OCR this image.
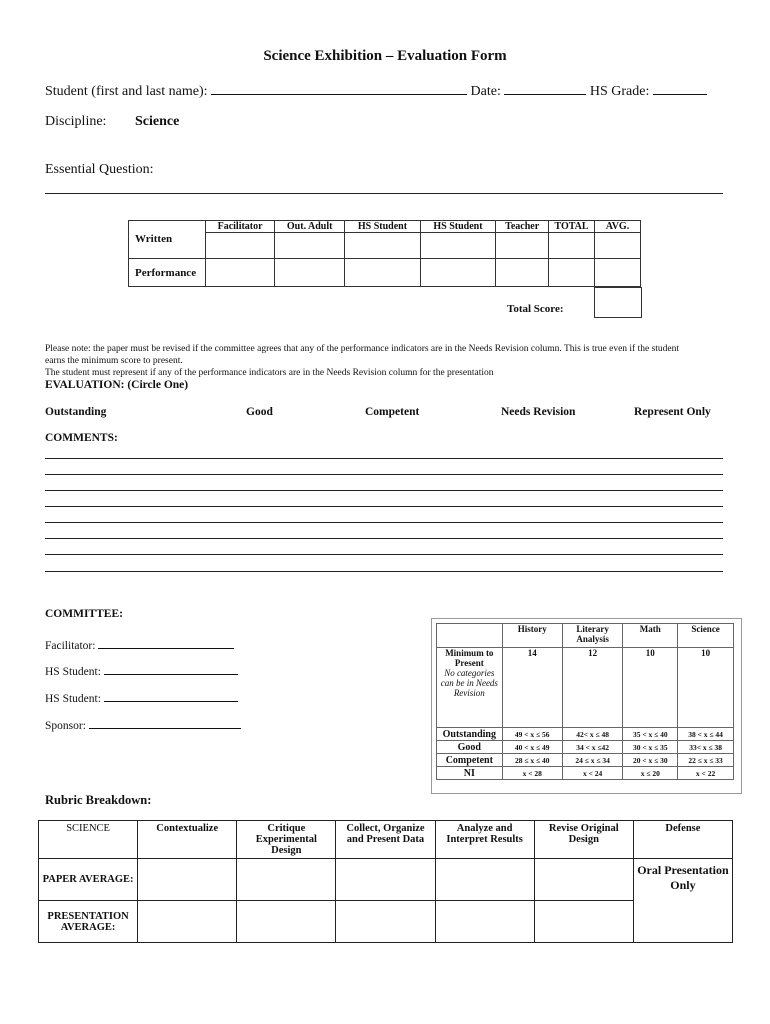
Science Exhibition – Evaluation Form
Student (first and last name):	Date:	HS Grade:
Discipline: Science
Essential Question:
	Facilitator	Out. Adult	HS Student	HS Student	Teacher	TOTAL	AVG.
Written							
Performance							
Total Score:
Please note: the paper must be revised if the committee agrees that any of the performance indicators are in the Needs Revision column. This is true even if the student
earns the minimum score to present.
The student must represent if any of the performance indicators are in the Needs Revision column for the presentation
EVALUATION: (Circle One)
Outstanding	Good	Competent	Needs Revision	Represent Only
COMMENTS:
COMMITTEE:
Facilitator:
HS Student:
HS Student:
Sponsor:
	History	Literary Analysis	Math	Science

Minimum to Present
No categories can be in Needs Revision	14	12	10	10
Outstanding	49 < x ≤ 56	42< x ≤ 48	35 < x ≤ 40	38 < x ≤ 44
Good	40 < x ≤ 49	34 < x ≤42	30 < x ≤ 35	33< x ≤ 38
Competent	28 ≤ x ≤ 40	24 ≤ x ≤ 34	20 < x ≤ 30	22 ≤ x ≤ 33
NI	x < 28	x < 24	x ≤ 20	x < 22
Rubric Breakdown:
SCIENCE	Contextualize	Critique Experimental Design	Collect, Organize and Present Data	Analyze and Interpret Results	Revise Original Design	Defense
PAPER AVERAGE:						Oral Presentation Only
PRESENTATION AVERAGE:						
